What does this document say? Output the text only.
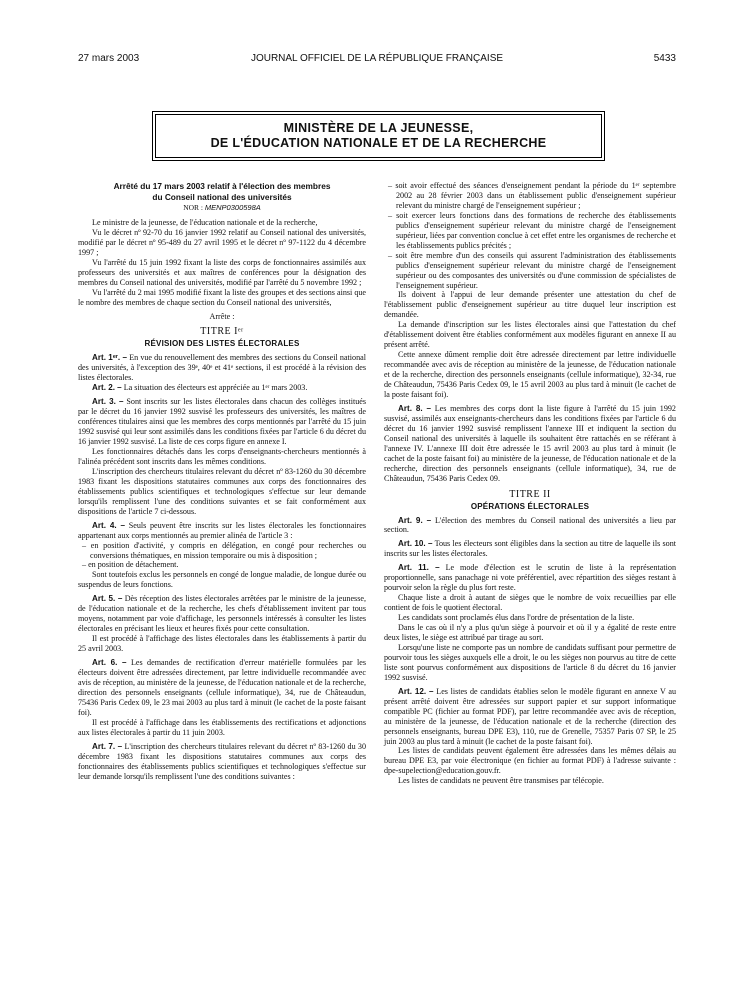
27 mars 2003	JOURNAL OFFICIEL DE LA RÉPUBLIQUE FRANÇAISE	5433
MINISTÈRE DE LA JEUNESSE,
DE L'ÉDUCATION NATIONALE ET DE LA RECHERCHE
Arrêté du 17 mars 2003 relatif à l'élection des membres
du Conseil national des universités

NOR : MENP0300598A

Le ministre de la jeunesse, de l'éducation nationale et de la recherche,

Vu le décret nº 92-70 du 16 janvier 1992 relatif au Conseil national des universités, modifié par le décret nº 95-489 du 27 avril 1995 et le décret nº 97-1122 du 4 décembre 1997 ;

Vu l'arrêté du 15 juin 1992 fixant la liste des corps de fonctionnaires assimilés aux professeurs des universités et aux maîtres de conférences pour la désignation des membres du Conseil national des universités, modifié par l'arrêté du 5 novembre 1992 ;

Vu l'arrêté du 2 mai 1995 modifié fixant la liste des groupes et des sections ainsi que le nombre des membres de chaque section du Conseil national des universités,

Arrête :

TITRE Iᵉʳ

RÉVISION DES LISTES ÉLECTORALES

Art. 1ᵉʳ. – En vue du renouvellement des membres des sections du Conseil national des universités, à l'exception des 39ᵉ, 40ᵉ et 41ᵉ sections, il est procédé à la révision des listes électorales.

Art. 2. – La situation des électeurs est appréciée au 1ᵉʳ mars 2003.

Art. 3. – Sont inscrits sur les listes électorales dans chacun des collèges institués par le décret du 16 janvier 1992 susvisé les professeurs des universités, les maîtres de conférences titulaires ainsi que les membres des corps mentionnés par l'arrêté du 15 juin 1992 susvisé qui leur sont assimilés dans les conditions fixées par l'article 6 du décret du 16 janvier 1992 susvisé. La liste de ces corps figure en annexe I.

Les fonctionnaires détachés dans les corps d'enseignants-chercheurs mentionnés à l'alinéa précédent sont inscrits dans les mêmes conditions.

L'inscription des chercheurs titulaires relevant du décret nº 83-1260 du 30 décembre 1983 fixant les dispositions statutaires communes aux corps des fonctionnaires des établissements publics scientifiques et technologiques s'effectue sur leur demande lorsqu'ils remplissent l'une des conditions suivantes et se fait conformément aux dispositions de l'article 7 ci-dessous.

Art. 4. – Seuls peuvent être inscrits sur les listes électorales les fonctionnaires appartenant aux corps mentionnés au premier alinéa de l'article 3 :

– en position d'activité, y compris en délégation, en congé pour recherches ou conversions thématiques, en mission temporaire ou mis à disposition ;

– en position de détachement.

Sont toutefois exclus les personnels en congé de longue maladie, de longue durée ou suspendus de leurs fonctions.

Art. 5. – Dès réception des listes électorales arrêtées par le ministre de la jeunesse, de l'éducation nationale et de la recherche, les chefs d'établissement invitent par tous moyens, notamment par voie d'affichage, les personnels intéressés à consulter les listes électorales en précisant les lieux et heures fixés pour cette consultation.

Il est procédé à l'affichage des listes électorales dans les établissements à partir du 25 avril 2003.

Art. 6. – Les demandes de rectification d'erreur matérielle formulées par les électeurs doivent être adressées directement, par lettre individuelle recommandée avec avis de réception, au ministère de la jeunesse, de l'éducation nationale et de la recherche, direction des personnels enseignants (cellule informatique), 34, rue de Châteaudun, 75436 Paris Cedex 09, le 23 mai 2003 au plus tard à minuit (le cachet de la poste faisant foi).

Il est procédé à l'affichage dans les établissements des rectifications et adjonctions aux listes électorales à partir du 11 juin 2003.

Art. 7. – L'inscription des chercheurs titulaires relevant du décret nº 83-1260 du 30 décembre 1983 fixant les dispositions statutaires communes aux corps des fonctionnaires des établissements publics scientifiques et technologiques s'effectue sur leur demande lorsqu'ils remplissent l'une des conditions suivantes :

– soit avoir effectué des séances d'enseignement pendant la période du 1ᵉʳ septembre 2002 au 28 février 2003 dans un établissement public d'enseignement supérieur relevant du ministre chargé de l'enseignement supérieur ;

– soit exercer leurs fonctions dans des formations de recherche des établissements publics d'enseignement supérieur relevant du ministre chargé de l'enseignement supérieur, liées par convention conclue à cet effet entre les organismes de recherche et les établissements publics précités ;

– soit être membre d'un des conseils qui assurent l'administration des établissements publics d'enseignement supérieur relevant du ministre chargé de l'enseignement supérieur ou des composantes des universités ou d'une commission de spécialistes de l'enseignement supérieur.

Ils doivent à l'appui de leur demande présenter une attestation du chef de l'établissement public d'enseignement supérieur au titre duquel leur inscription est demandée.

La demande d'inscription sur les listes électorales ainsi que l'attestation du chef d'établissement doivent être établies conformément aux modèles figurant en annexe II au présent arrêté.

Cette annexe dûment remplie doit être adressée directement par lettre individuelle recommandée avec avis de réception au ministère de la jeunesse, de l'éducation nationale et de la recherche, direction des personnels enseignants (cellule informatique), 32-34, rue de Châteaudun, 75436 Paris Cedex 09, le 15 avril 2003 au plus tard à minuit (le cachet de la poste faisant foi).

Art. 8. – Les membres des corps dont la liste figure à l'arrêté du 15 juin 1992 susvisé, assimilés aux enseignants-chercheurs dans les conditions fixées par l'article 6 du décret du 16 janvier 1992 susvisé remplissent l'annexe III et indiquent la section du Conseil national des universités à laquelle ils souhaitent être rattachés en se référant à l'annexe IV. L'annexe III doit être adressée le 15 avril 2003 au plus tard à minuit (le cachet de la poste faisant foi) au ministère de la jeunesse, de l'éducation nationale et de la recherche, direction des personnels enseignants (cellule informatique), 34, rue de Châteaudun, 75436 Paris Cedex 09.

TITRE II

OPÉRATIONS ÉLECTORALES

Art. 9. – L'élection des membres du Conseil national des universités a lieu par section.

Art. 10. – Tous les électeurs sont éligibles dans la section au titre de laquelle ils sont inscrits sur les listes électorales.

Art. 11. – Le mode d'élection est le scrutin de liste à la représentation proportionnelle, sans panachage ni vote préférentiel, avec répartition des sièges restant à pourvoir selon la règle du plus fort reste.

Chaque liste a droit à autant de sièges que le nombre de voix recueillies par elle contient de fois le quotient électoral.

Les candidats sont proclamés élus dans l'ordre de présentation de la liste.

Dans le cas où il n'y a plus qu'un siège à pourvoir et où il y a égalité de reste entre deux listes, le siège est attribué par tirage au sort.

Lorsqu'une liste ne comporte pas un nombre de candidats suffisant pour permettre de pourvoir tous les sièges auxquels elle a droit, le ou les sièges non pourvus au titre de cette liste sont pourvus conformément aux dispositions de l'article 8 du décret du 16 janvier 1992 susvisé.

Art. 12. – Les listes de candidats établies selon le modèle figurant en annexe V au présent arrêté doivent être adressées sur support papier et sur support informatique compatible PC (fichier au format PDF), par lettre recommandée avec avis de réception, au ministère de la jeunesse, de l'éducation nationale et de la recherche (direction des personnels enseignants, bureau DPE E3), 110, rue de Grenelle, 75357 Paris 07 SP, le 25 juin 2003 au plus tard à minuit (le cachet de la poste faisant foi).

Les listes de candidats peuvent également être adressées dans les mêmes délais au bureau DPE E3, par voie électronique (en fichier au format PDF) à l'adresse suivante : dpe-supelection@education.gouv.fr.

Les listes de candidats ne peuvent être transmises par télécopie.
